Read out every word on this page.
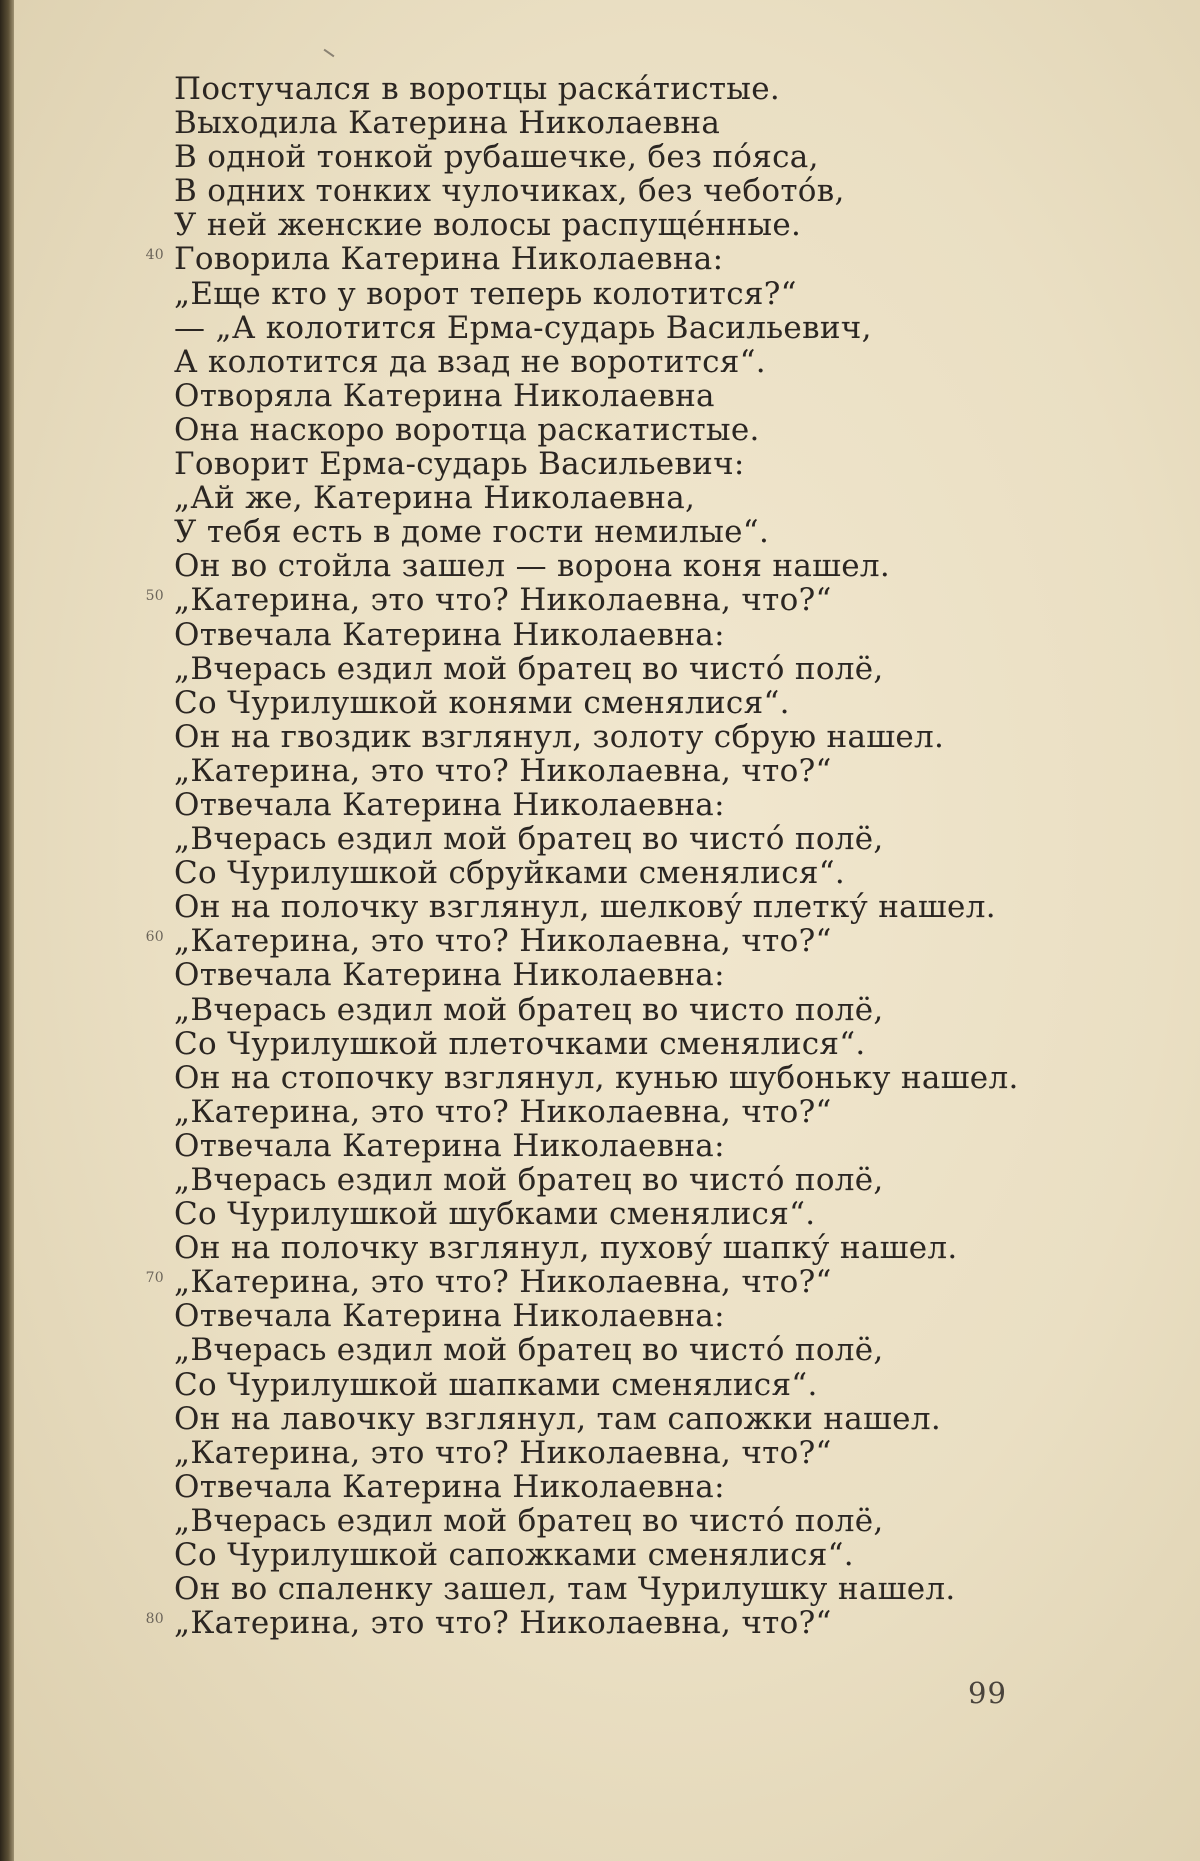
Постучался в воротцы раскáтистые.
Выходила Катерина Николаевна
В одной тонкой рубашечке, без пóяса,
В одних тонких чулочиках, без чеботóв,
У ней женские волосы распущéнные.
40 Говорила Катерина Николаевна:
„Еще кто у ворот теперь колотится?“
— „А колотится Ерма-сударь Васильевич,
А колотится да взад не воротится“.
Отворяла Катерина Николаевна
Она наскоро воротца раскатистые.
Говорит Ерма-сударь Васильевич:
„Ай же, Катерина Николаевна,
У тебя есть в доме гости немилые“.
Он во стойла зашел — ворона коня нашел.
50 „Катерина, это что? Николаевна, что?“
Отвечала Катерина Николаевна:
„Вчерась ездил мой братец во чистó полё,
Со Чурилушкой конями сменялися“.
Он на гвоздик взглянул, золоту сбрую нашел.
„Катерина, это что? Николаевна, что?“
Отвечала Катерина Николаевна:
„Вчерась ездил мой братец во чистó полё,
Со Чурилушкой сбруйками сменялися“.
Он на полочку взглянул, шелкову́ плетку́ нашел.
60 „Катерина, это что? Николаевна, что?“
Отвечала Катерина Николаевна:
„Вчерась ездил мой братец во чисто полё,
Со Чурилушкой плеточками сменялися“.
Он на стопочку взглянул, кунью шубоньку нашел.
„Катерина, это что? Николаевна, что?“
Отвечала Катерина Николаевна:
„Вчерась ездил мой братец во чистó полё,
Со Чурилушкой шубками сменялися“.
Он на полочку взглянул, пухову́ шапку́ нашел.
70 „Катерина, это что? Николаевна, что?“
Отвечала Катерина Николаевна:
„Вчерась ездил мой братец во чистó полё,
Со Чурилушкой шапками сменялися“.
Он на лавочку взглянул, там сапожки нашел.
„Катерина, это что? Николаевна, что?“
Отвечала Катерина Николаевна:
„Вчерась ездил мой братец во чистó полё,
Со Чурилушкой сапожками сменялися“.
Он во спаленку зашел, там Чурилушку нашел.
80 „Катерина, это что? Николаевна, что?“
99
